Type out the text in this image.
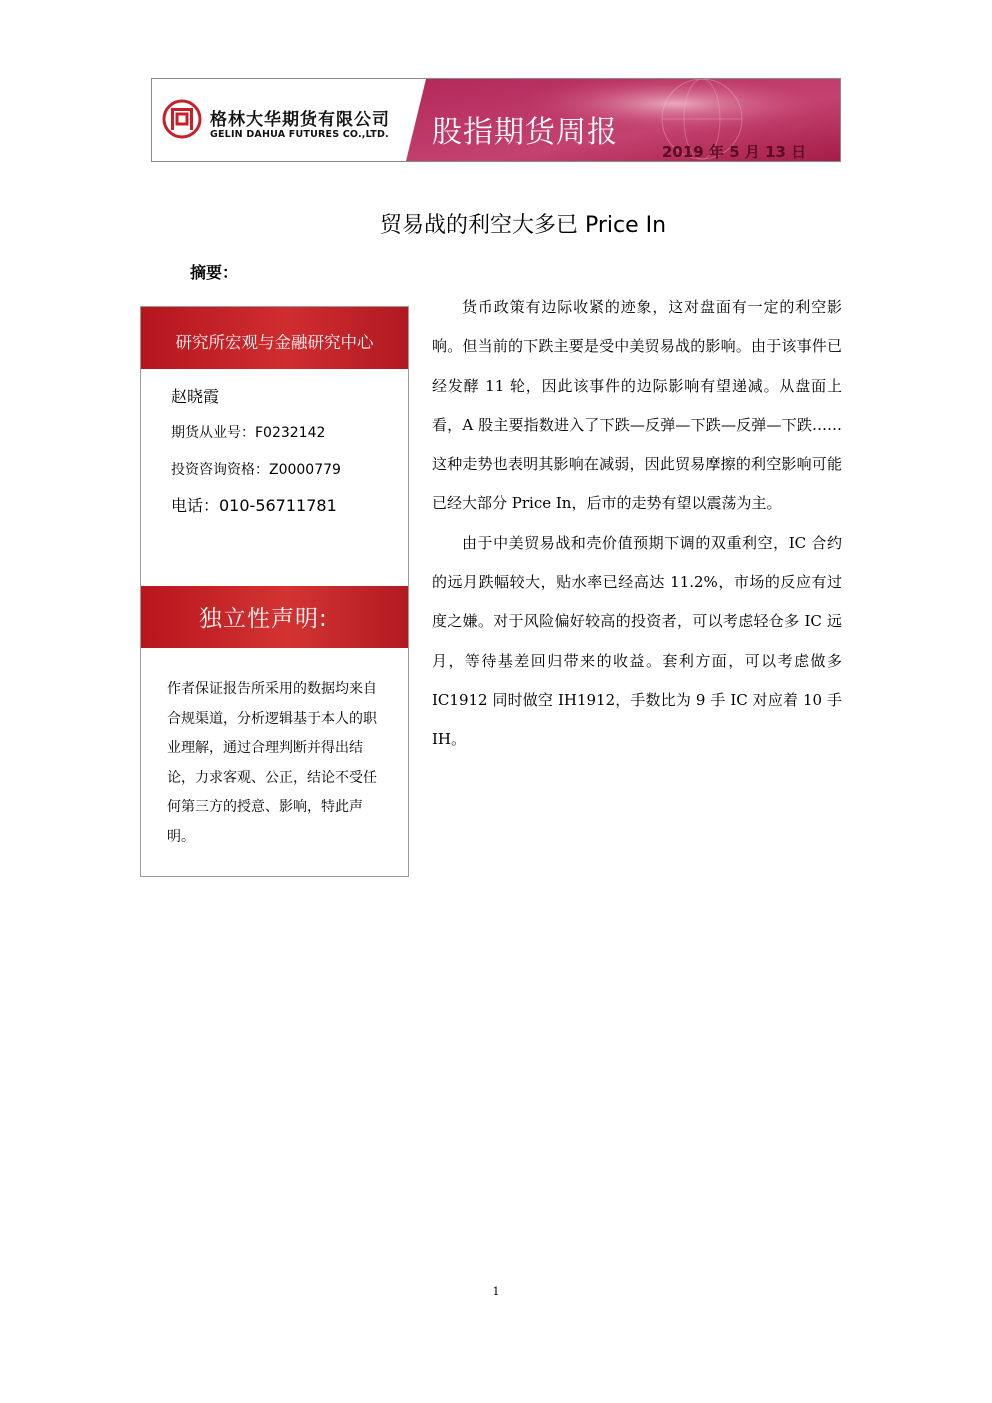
格林大华期货有限公司
GELIN DAHUA FUTURES CO.,LTD. 股指期货周报
2019 年 5 月 13 日
贸易战的利空大多已 Price In
摘要：
研究所宏观与金融研究中心
赵晓霞
期货从业号：F0232142
投资咨询资格：Z0000779
电话：010-56711781
独立性声明:
作者保证报告所采用的数据均来自合规渠道，分析逻辑基于本人的职业理解，通过合理判断并得出结论，力求客观、公正，结论不受任何第三方的授意、影响，特此声明。

货币政策有边际收紧的迹象，这对盘面有一定的利空影响。但当前的下跌主要是受中美贸易战的影响。由于该事件已经发酵 11 轮，因此该事件的边际影响有望递减。从盘面上看，A 股主要指数进入了下跌—反弹—下跌—反弹—下跌……这种走势也表明其影响在减弱，因此贸易摩擦的利空影响可能已经大部分 Price In，后市的走势有望以震荡为主。

由于中美贸易战和壳价值预期下调的双重利空，IC 合约的远月跌幅较大，贴水率已经高达 11.2%，市场的反应有过度之嫌。对于风险偏好较高的投资者，可以考虑轻仓多 IC 远月，等待基差回归带来的收益。套利方面，可以考虑做多 IC1912 同时做空 IH1912，手数比为 9 手 IC 对应着 10 手 IH。

1
